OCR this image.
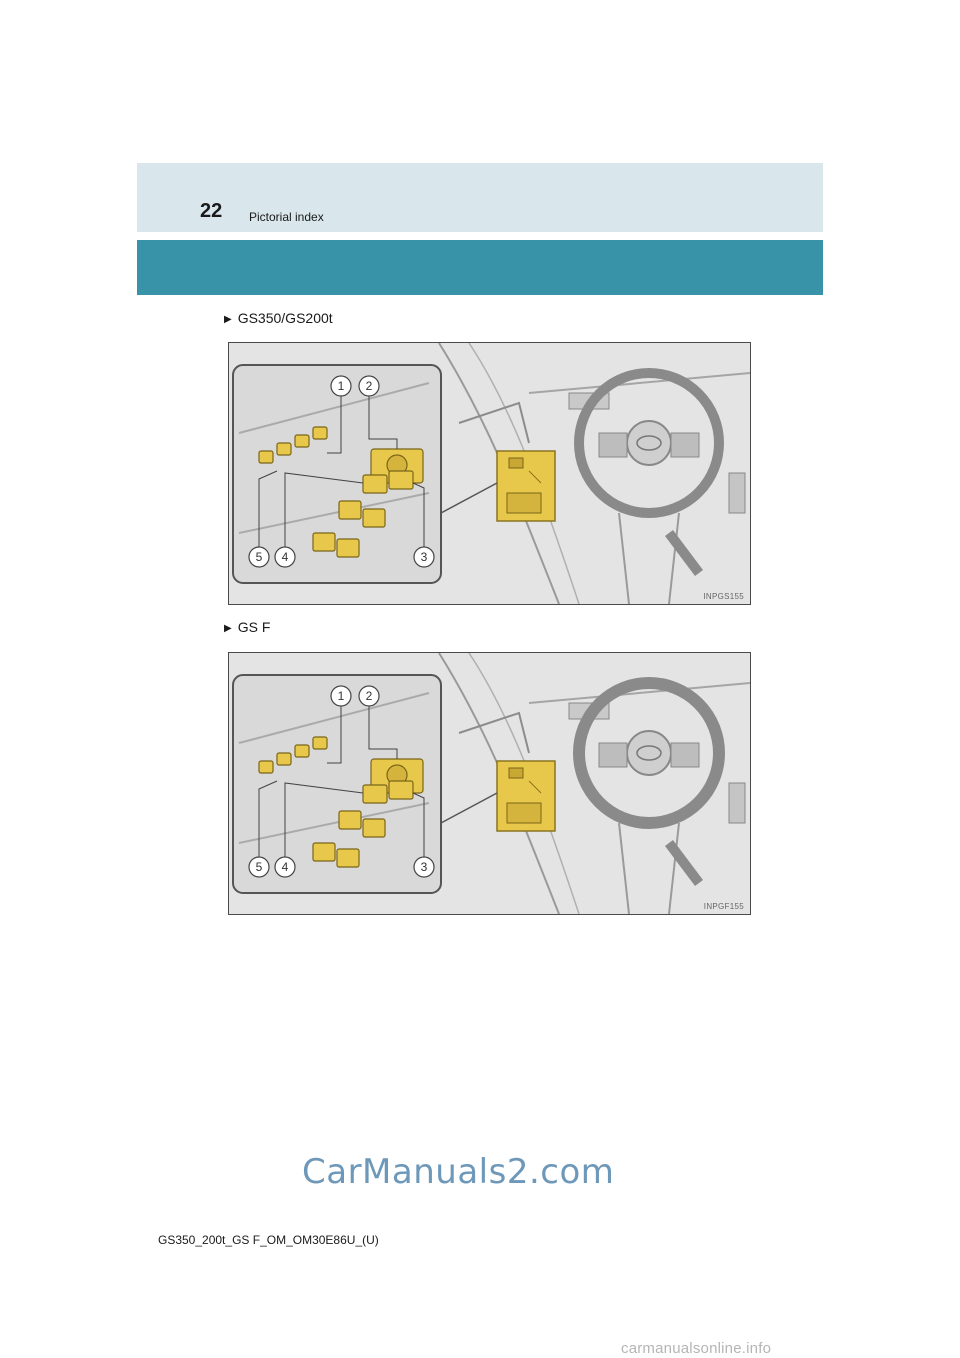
22 Pictorial index
▶ GS350/GS200t
1 2
3
4
5
INPGS155
▶ GS F
1 2
3
4
5
INPGF155
CarManuals2.com
GS350_200t_GS F_OM_OM30E86U_(U)
carmanualsonline.info
